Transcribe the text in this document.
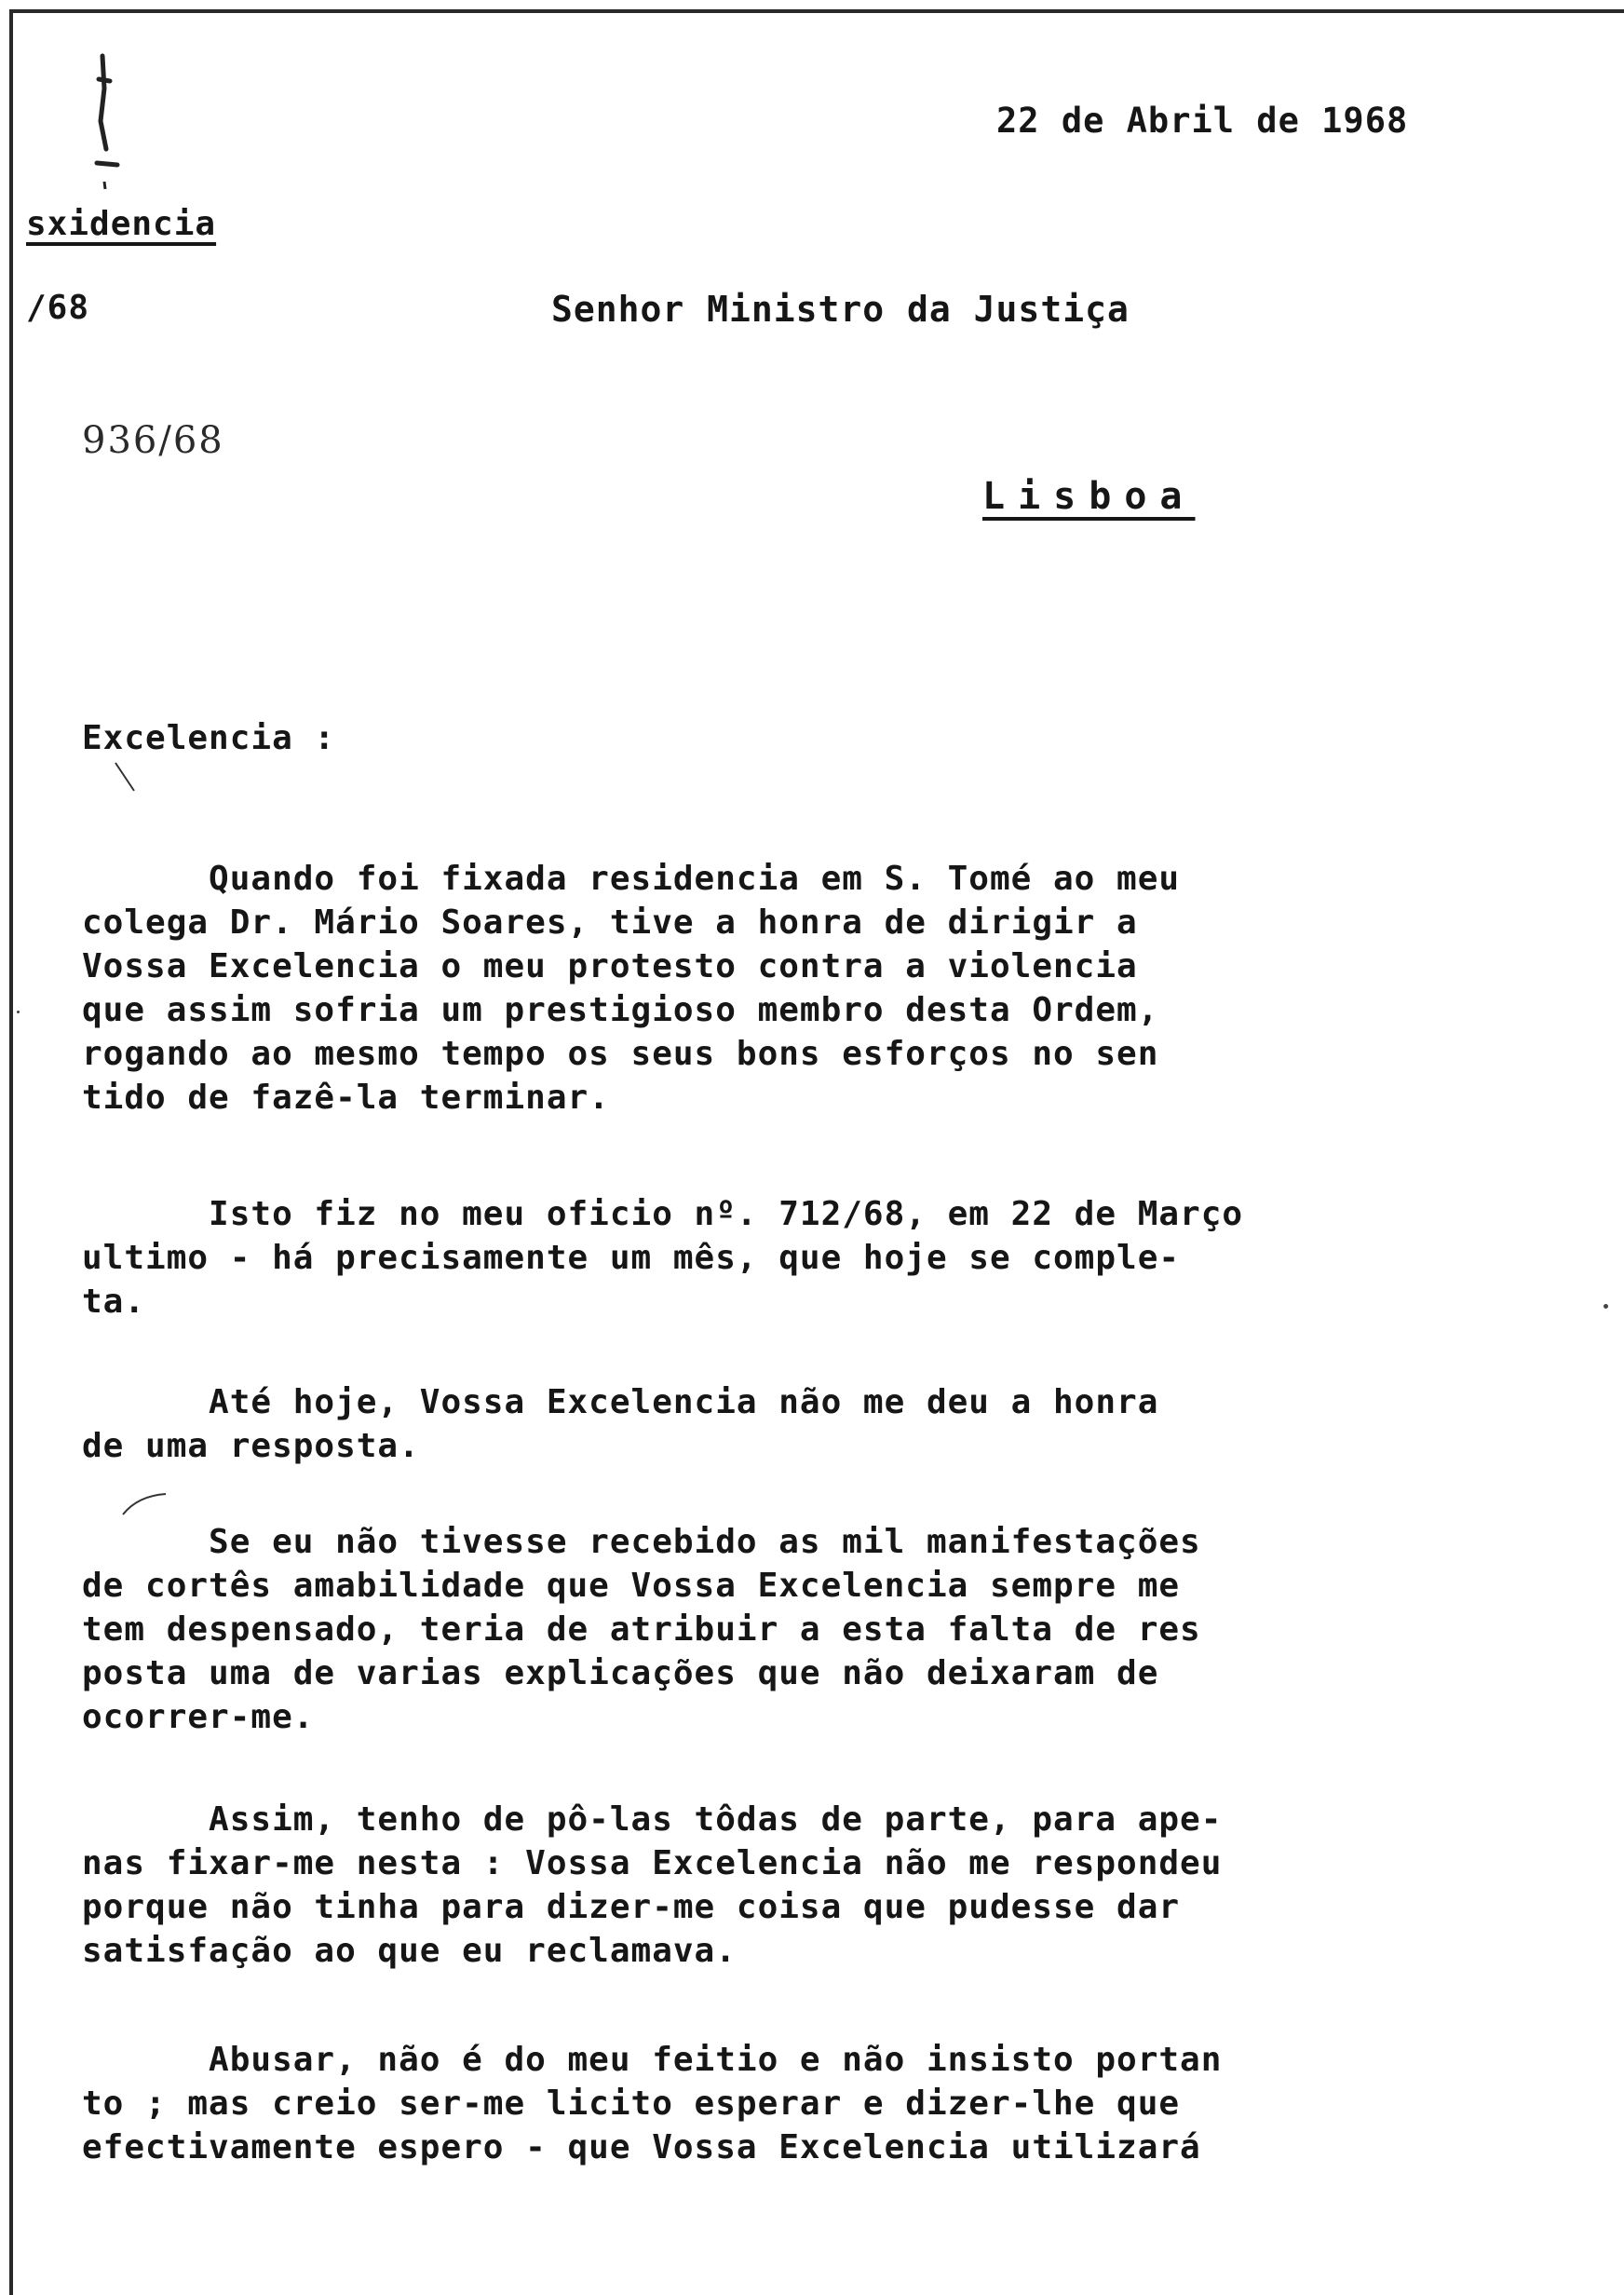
22 de Abril de 1968
sxidencia
/68	Senhor Ministro da Justiça
936/68
Lisboa
Excelencia :
Quando foi fixada residencia em S. Tomé ao meu
colega Dr. Mário Soares, tive a honra de dirigir a
Vossa Excelencia o meu protesto contra a violencia
que assim sofria um prestigioso membro desta Ordem,
rogando ao mesmo tempo os seus bons esforços no sen
tido de fazê-la terminar.
Isto fiz no meu oficio nº. 712/68, em 22 de Março
ultimo - há precisamente um mês, que hoje se comple-
ta.
Até hoje, Vossa Excelencia não me deu a honra
de uma resposta.
Se eu não tivesse recebido as mil manifestações
de cortês amabilidade que Vossa Excelencia sempre me
tem despensado, teria de atribuir a esta falta de res
posta uma de varias explicações que não deixaram de
ocorrer-me.
Assim, tenho de pô-las tôdas de parte, para ape-
nas fixar-me nesta : Vossa Excelencia não me respondeu
porque não tinha para dizer-me coisa que pudesse dar
satisfação ao que eu reclamava.
Abusar, não é do meu feitio e não insisto portan
to ; mas creio ser-me licito esperar e dizer-lhe que
efectivamente espero - que Vossa Excelencia utilizará
